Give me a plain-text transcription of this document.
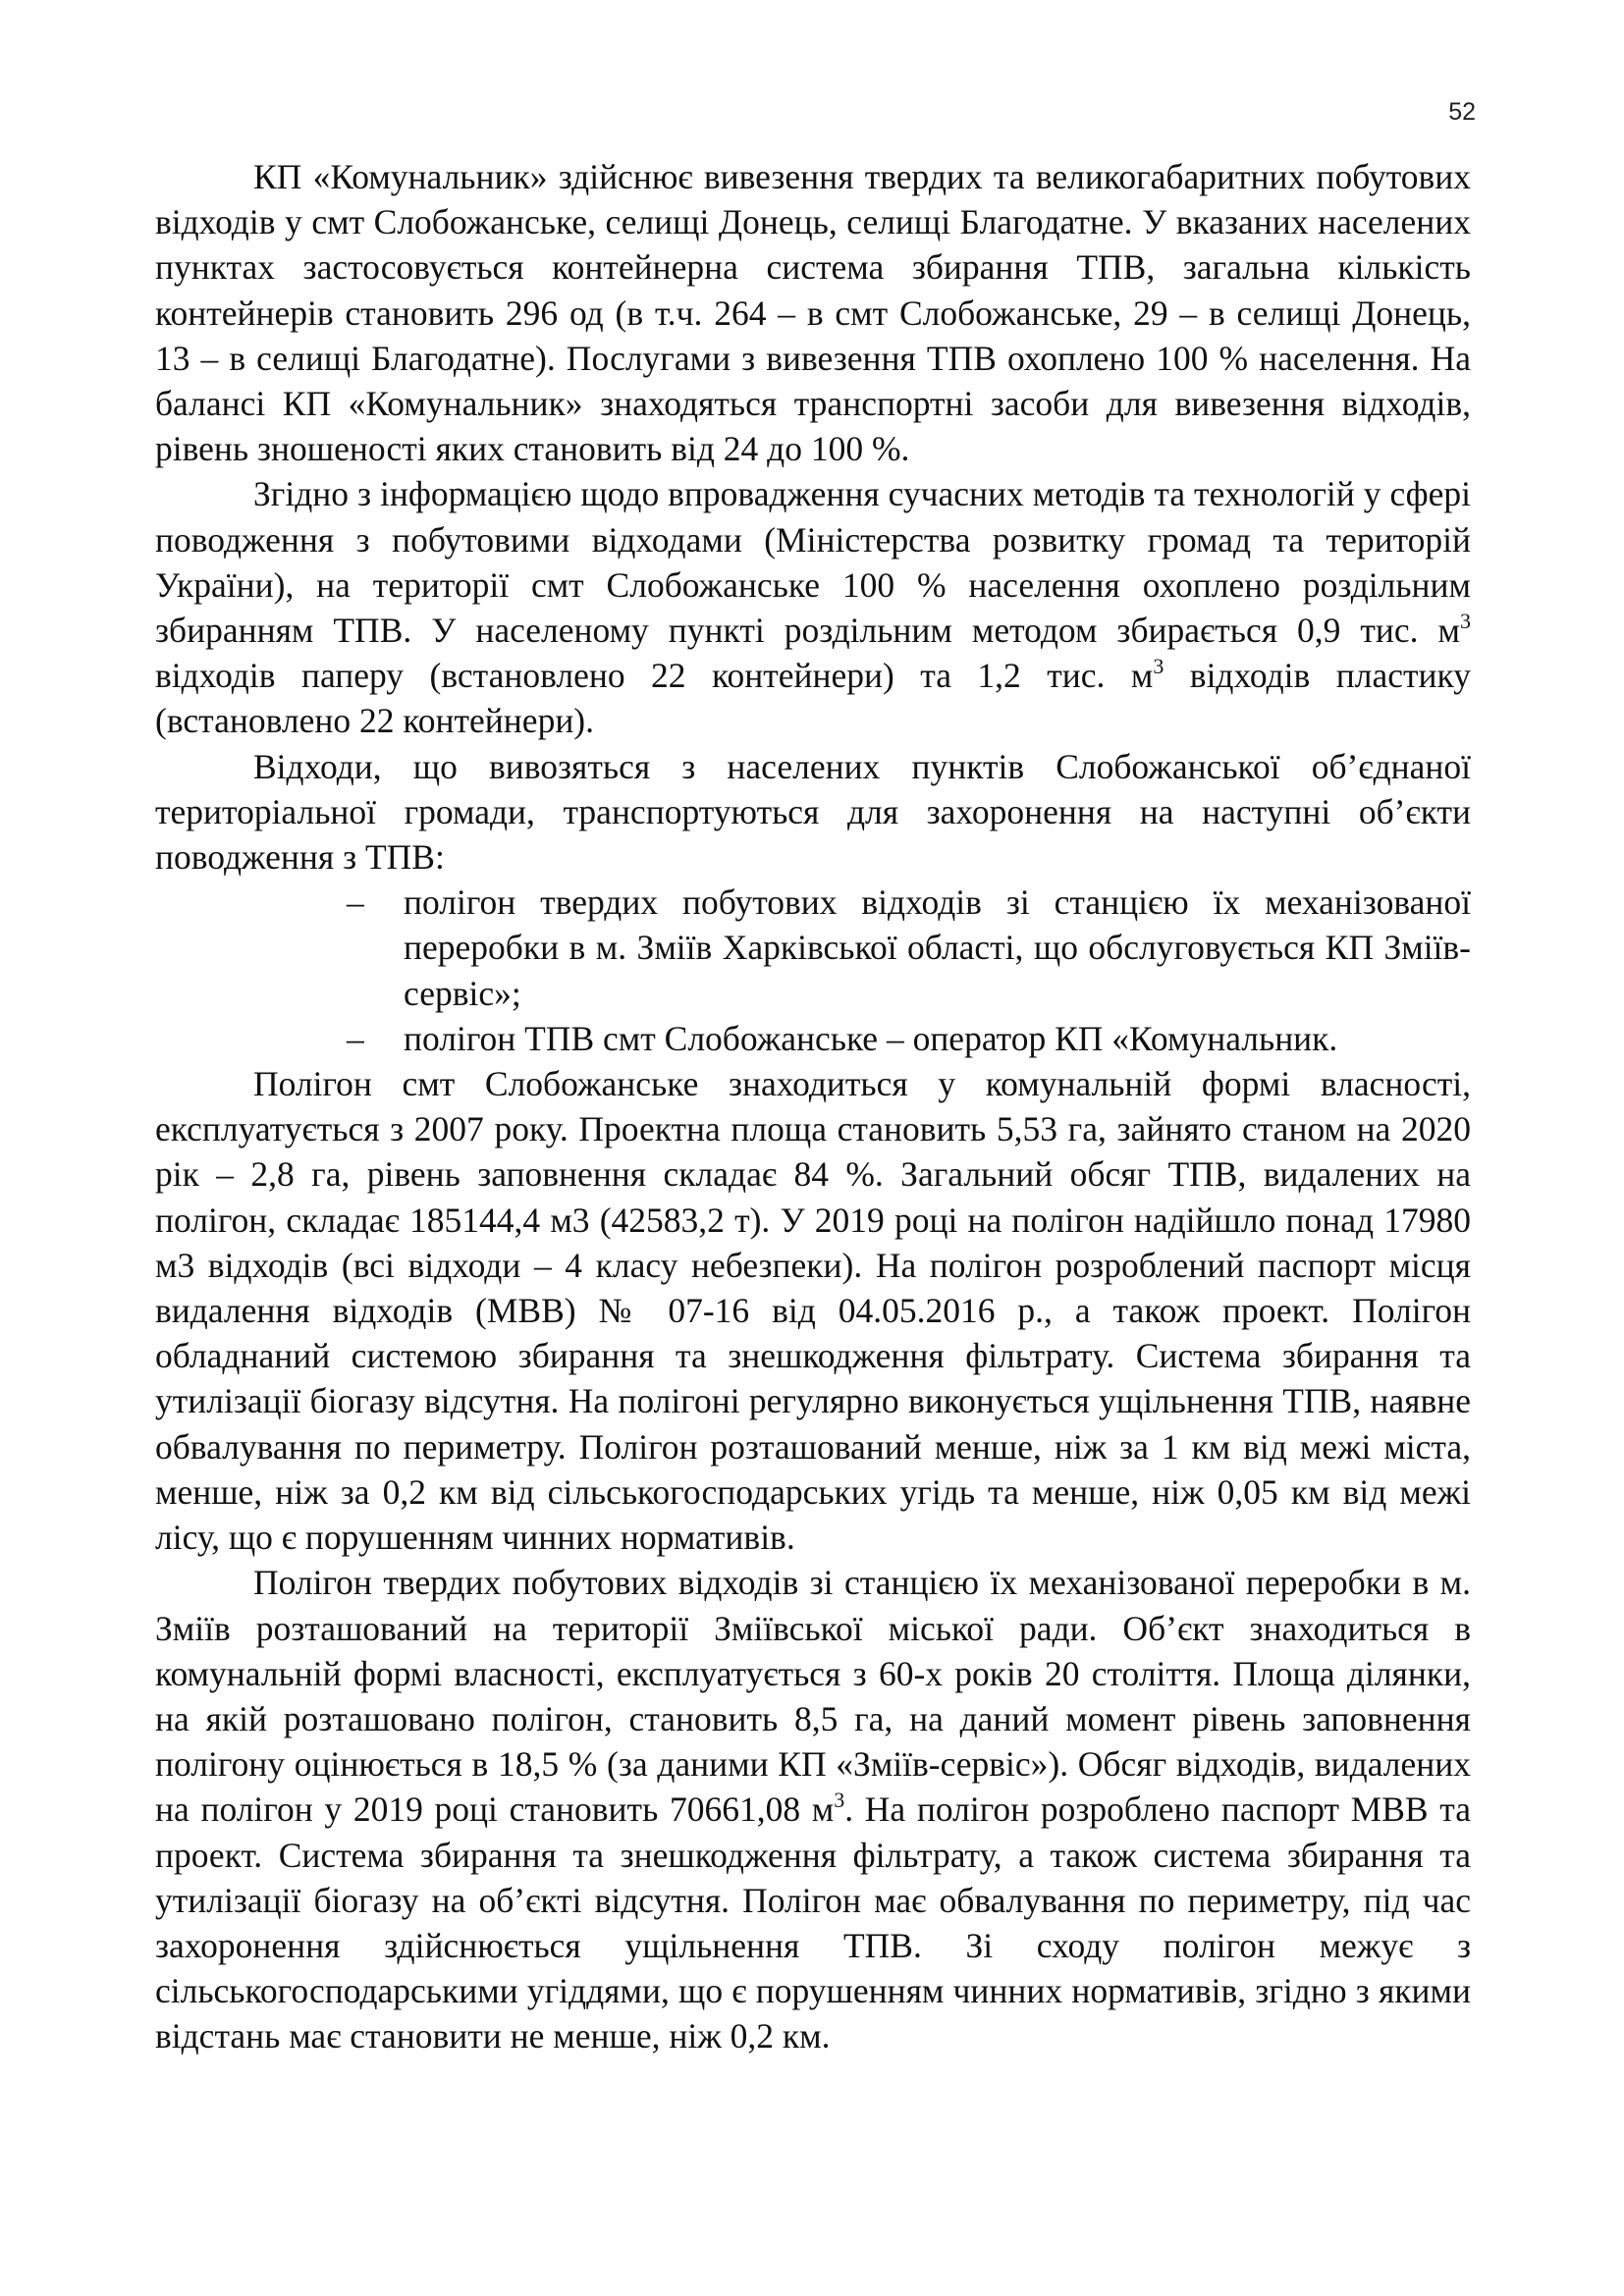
52

КП «Комунальник» здійснює вивезення твердих та великогабаритних побутових відходів у смт Слобожанське, селищі Донець, селищі Благодатне. У вказаних населених пунктах застосовується контейнерна система збирання ТПВ, загальна кількість контейнерів становить 296 од (в т.ч. 264 – в смт Слобожанське, 29 – в селищі Донець, 13 – в селищі Благодатне). Послугами з вивезення ТПВ охоплено 100 % населення. На балансі КП «Комунальник» знаходяться транспортні засоби для вивезення відходів, рівень зношеності яких становить від 24 до 100 %.

Згідно з інформацією щодо впровадження сучасних методів та технологій у сфері поводження з побутовими відходами (Міністерства розвитку громад та територій України), на території смт Слобожанське 100 % населення охоплено роздільним збиранням ТПВ. У населеному пункті роздільним методом збирається 0,9 тис. $м^3$ відходів паперу (встановлено 22 контейнери) та 1,2 тис. $м^3$ відходів пластику (встановлено 22 контейнери).

Відходи, що вивозяться з населених пунктів Слобожанської об’єднаної територіальної громади, транспортуються для захоронення на наступні об’єкти поводження з ТПВ:

– полігон твердих побутових відходів зі станцією їх механізованої переробки в м. Зміїв Харківської області, що обслуговується КП Зміїв-сервіс»;
– полігон ТПВ смт Слобожанське – оператор КП «Комунальник.

Полігон смт Слобожанське знаходиться у комунальній формі власності, експлуатується з 2007 року. Проектна площа становить 5,53 га, зайнято станом на 2020 рік – 2,8 га, рівень заповнення складає 84 %. Загальний обсяг ТПВ, видалених на полігон, складає 185144,4 м3 (42583,2 т). У 2019 році на полігон надійшло понад 17980 м3 відходів (всі відходи – 4 класу небезпеки). На полігон розроблений паспорт місця видалення відходів (МВВ) № 07-16 від 04.05.2016 р., а також проект. Полігон обладнаний системою збирання та знешкодження фільтрату. Система збирання та утилізації біогазу відсутня. На полігоні регулярно виконується ущільнення ТПВ, наявне обвалування по периметру. Полігон розташований менше, ніж за 1 км від межі міста, менше, ніж за 0,2 км від сільськогосподарських угідь та менше, ніж 0,05 км від межі лісу, що є порушенням чинних нормативів.

Полігон твердих побутових відходів зі станцією їх механізованої переробки в м. Зміїв розташований на території Зміївської міської ради. Об’єкт знаходиться в комунальній формі власності, експлуатується з 60-х років 20 століття. Площа ділянки, на якій розташовано полігон, становить 8,5 га, на даний момент рівень заповнення полігону оцінюється в 18,5 % (за даними КП «Зміїв-сервіс»). Обсяг відходів, видалених на полігон у 2019 році становить 70661,08 $м^3$. На полігон розроблено паспорт МВВ та проект. Система збирання та знешкодження фільтрату, а також система збирання та утилізації біогазу на об’єкті відсутня. Полігон має обвалування по периметру, під час захоронення здійснюється ущільнення ТПВ. Зі сходу полігон межує з сільськогосподарськими угіддями, що є порушенням чинних нормативів, згідно з якими відстань має становити не менше, ніж 0,2 км.
